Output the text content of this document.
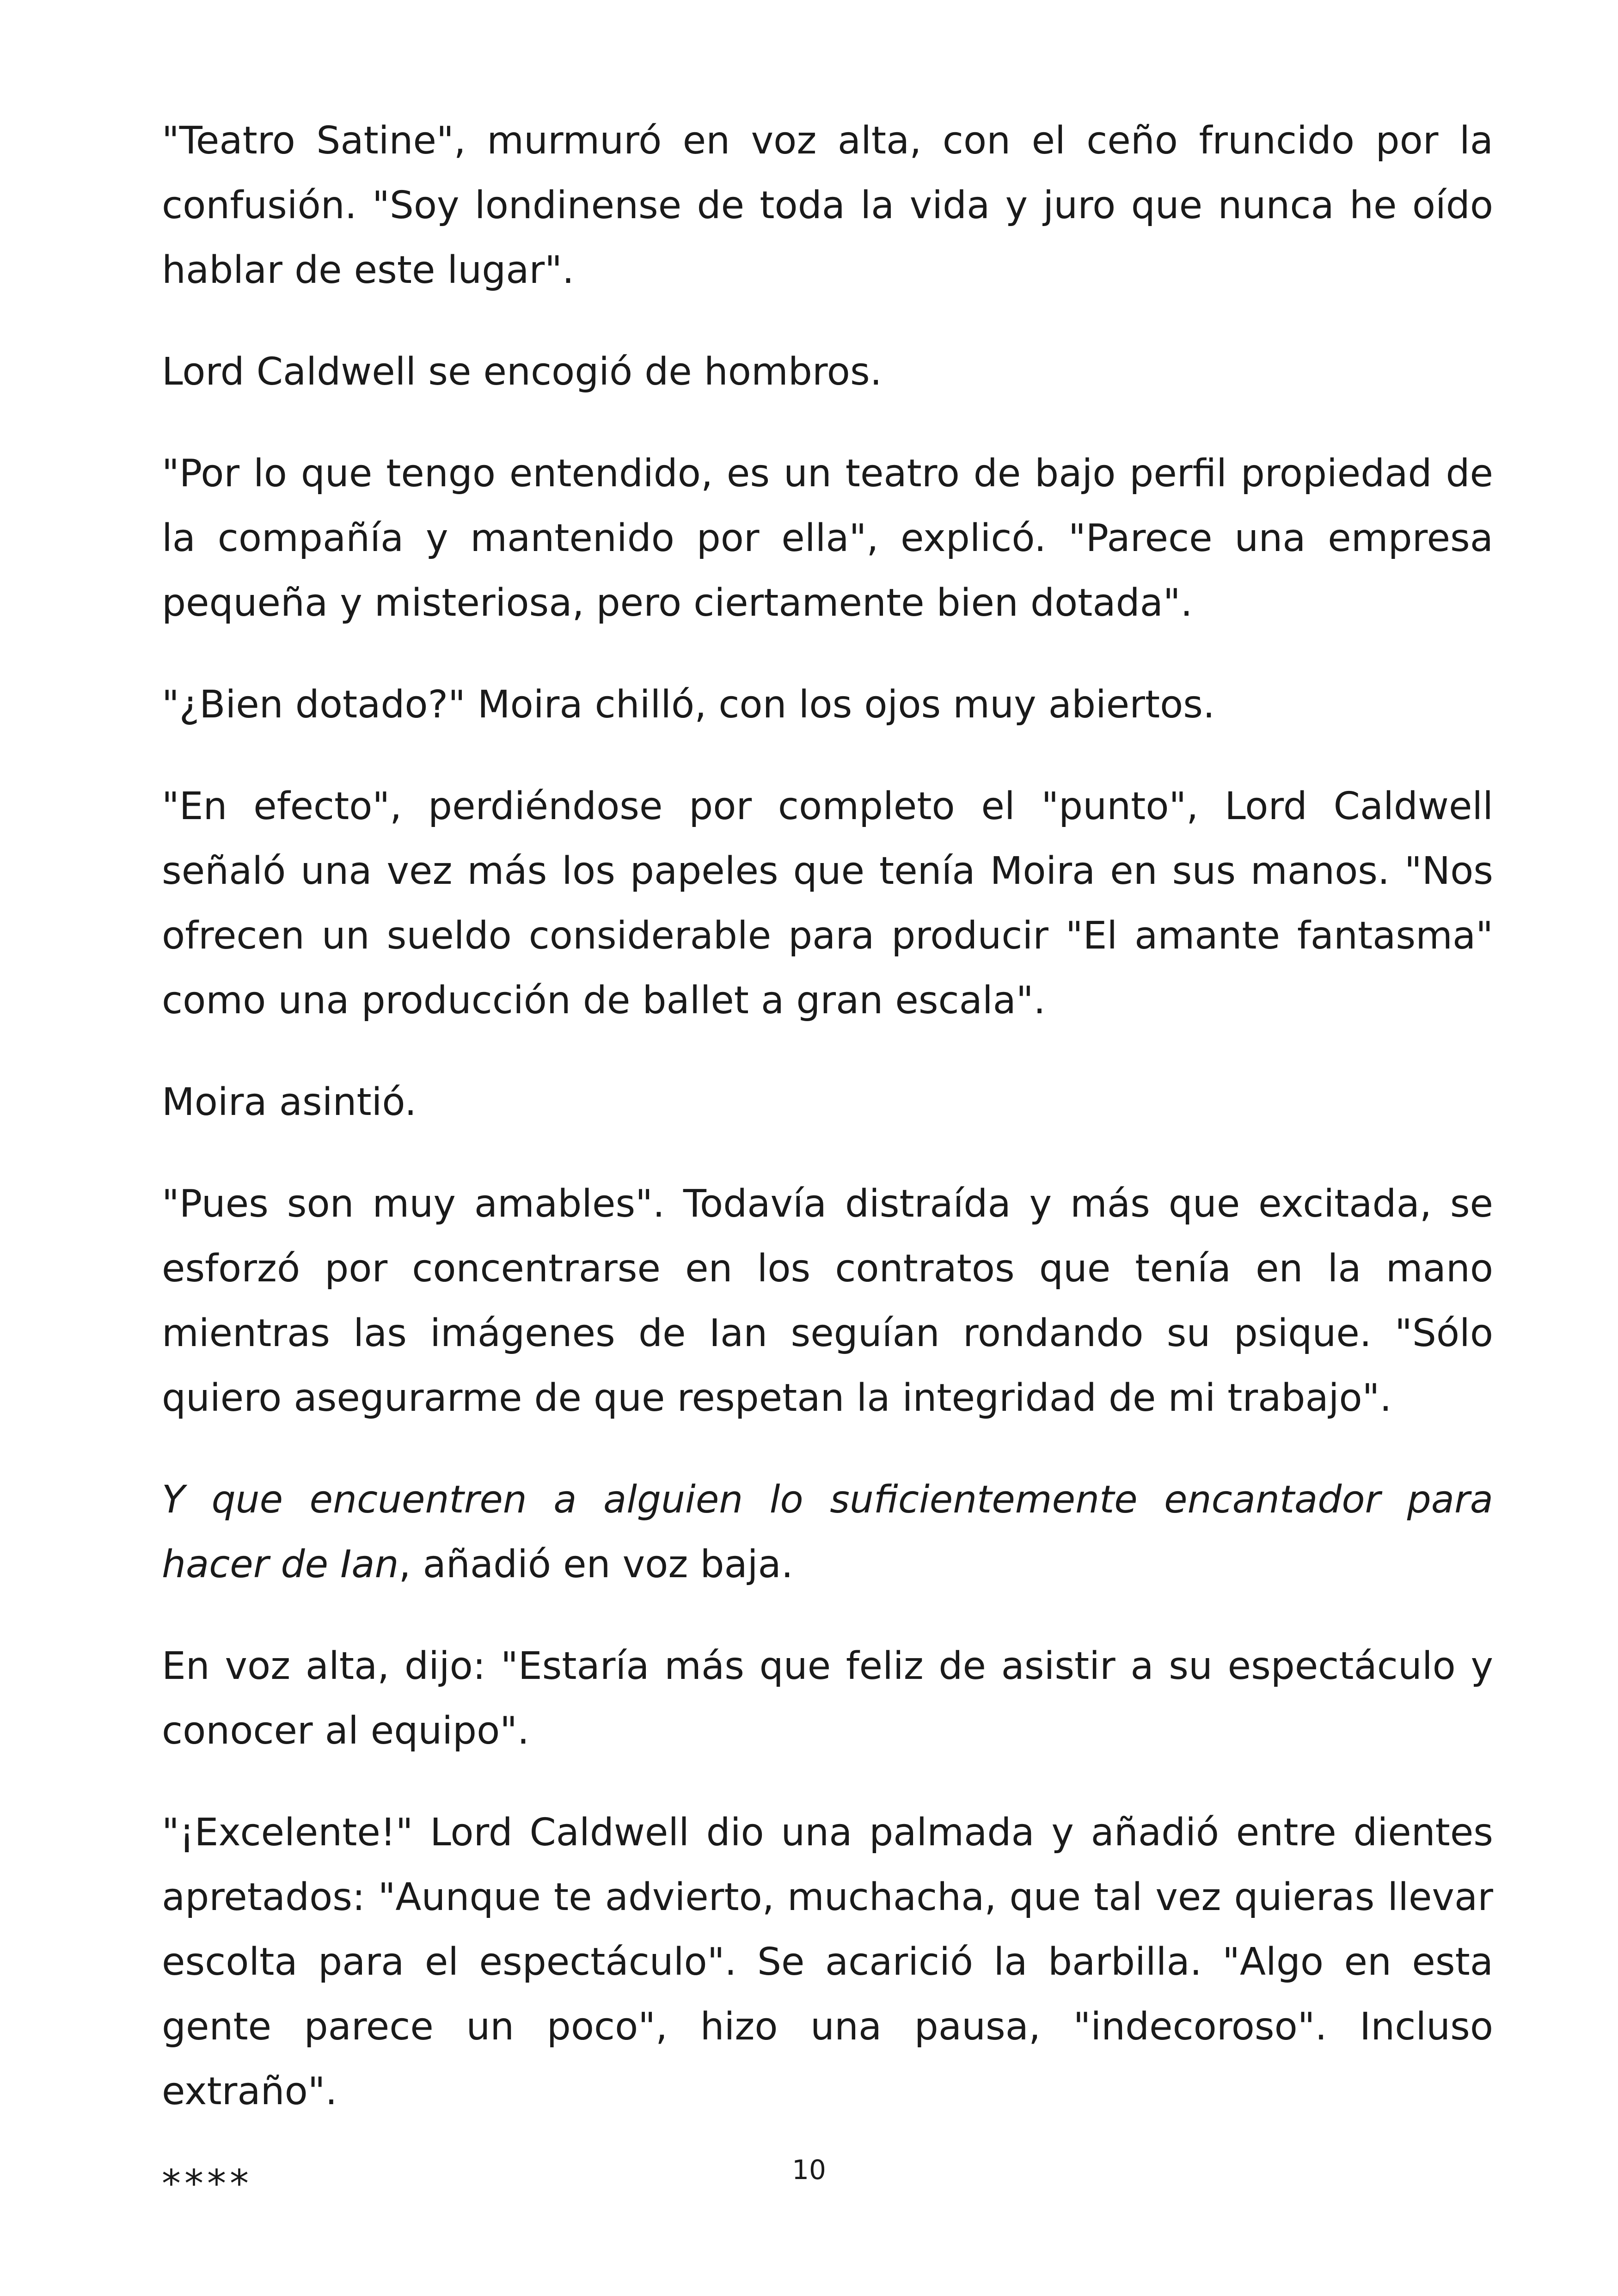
"Teatro Satine", murmuró en voz alta, con el ceño fruncido por la confusión. "Soy londinense de toda la vida y juro que nunca he oído hablar de este lugar".

Lord Caldwell se encogió de hombros.

"Por lo que tengo entendido, es un teatro de bajo perfil propiedad de la compañía y mantenido por ella", explicó. "Parece una empresa pequeña y misteriosa, pero ciertamente bien dotada".

"¿Bien dotado?" Moira chilló, con los ojos muy abiertos.

"En efecto", perdiéndose por completo el "punto", Lord Caldwell señaló una vez más los papeles que tenía Moira en sus manos. "Nos ofrecen un sueldo considerable para producir "El amante fantasma" como una producción de ballet a gran escala".

Moira asintió.

"Pues son muy amables". Todavía distraída y más que excitada, se esforzó por concentrarse en los contratos que tenía en la mano mientras las imágenes de Ian seguían rondando su psique. "Sólo quiero asegurarme de que respetan la integridad de mi trabajo".

Y que encuentren a alguien lo suficientemente encantador para hacer de Ian, añadió en voz baja.

En voz alta, dijo: "Estaría más que feliz de asistir a su espectáculo y conocer al equipo".

"¡Excelente!" Lord Caldwell dio una palmada y añadió entre dientes apretados: "Aunque te advierto, muchacha, que tal vez quieras llevar escolta para el espectáculo". Se acarició la barbilla. "Algo en esta gente parece un poco", hizo una pausa, "indecoroso". Incluso extraño".

****	10
